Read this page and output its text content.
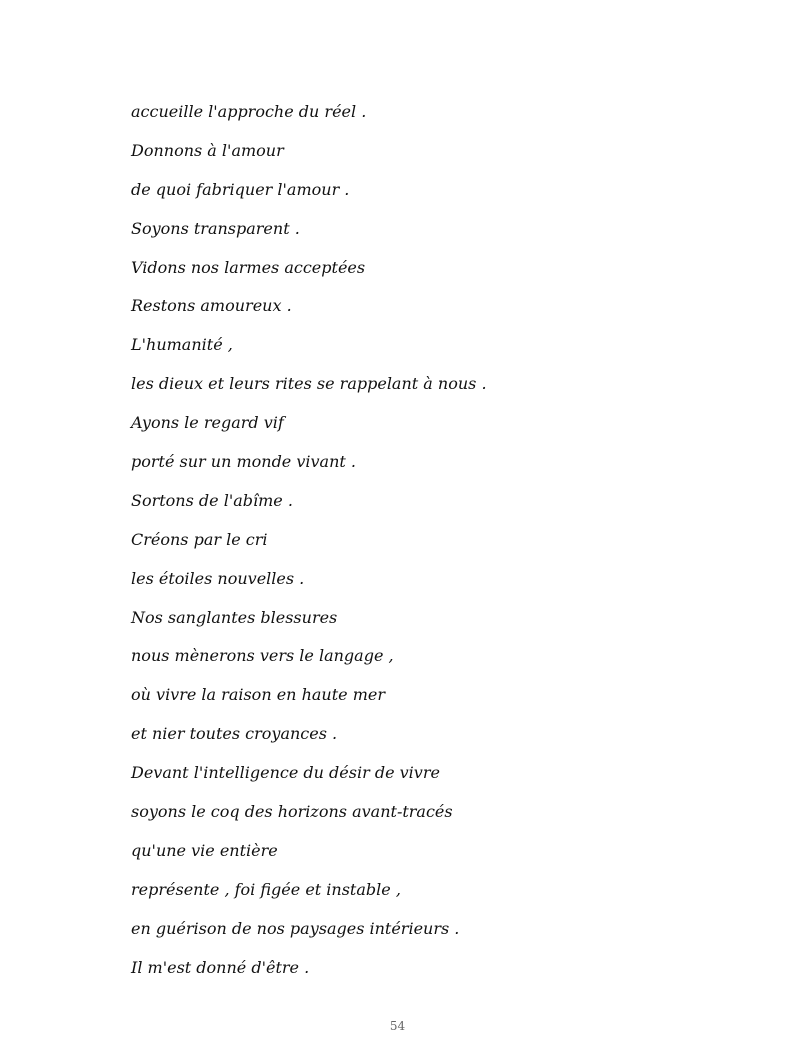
accueille l'approche du réel .
Donnons à l'amour
de quoi fabriquer l'amour .
Soyons transparent .
Vidons nos larmes acceptées
Restons amoureux .
L'humanité ,
les dieux et leurs rites se rappelant à nous .
Ayons le regard vif
porté sur un monde vivant .
Sortons de l'abîme .
Créons par le cri
les étoiles nouvelles .
Nos sanglantes blessures
nous mènerons vers le langage ,
où vivre la raison en haute mer
et nier toutes croyances .
Devant l'intelligence du désir de vivre
soyons le coq des horizons avant-tracés
qu'une vie entière
représente , foi figée et instable ,
en guérison de nos paysages intérieurs .
Il m'est donné d'être .
54
